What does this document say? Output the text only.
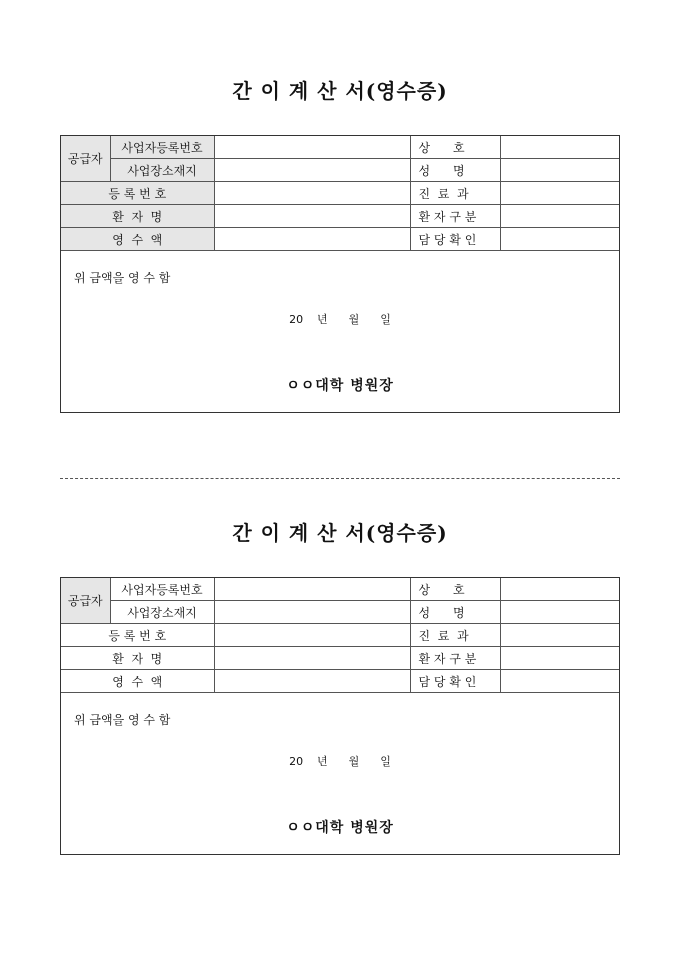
간 이 계 산 서(영수증)
공급자	사업자등록번호		상      호	
	사업장소재지		성      명	
등 록 번 호			진  료  과	
환  자  명			환 자 구 분	
영  수  액			담 당 확 인	
위 금액을 영 수 함
20    년      월      일
ㅇㅇ대학 병원장
간 이 계 산 서(영수증)
공급자	사업자등록번호		상      호	
	사업장소재지		성      명	
등 록 번 호			진  료  과	
환  자  명			환 자 구 분	
영  수  액			담 당 확 인	
위 금액을 영 수 함
20    년      월      일
ㅇㅇ대학 병원장
